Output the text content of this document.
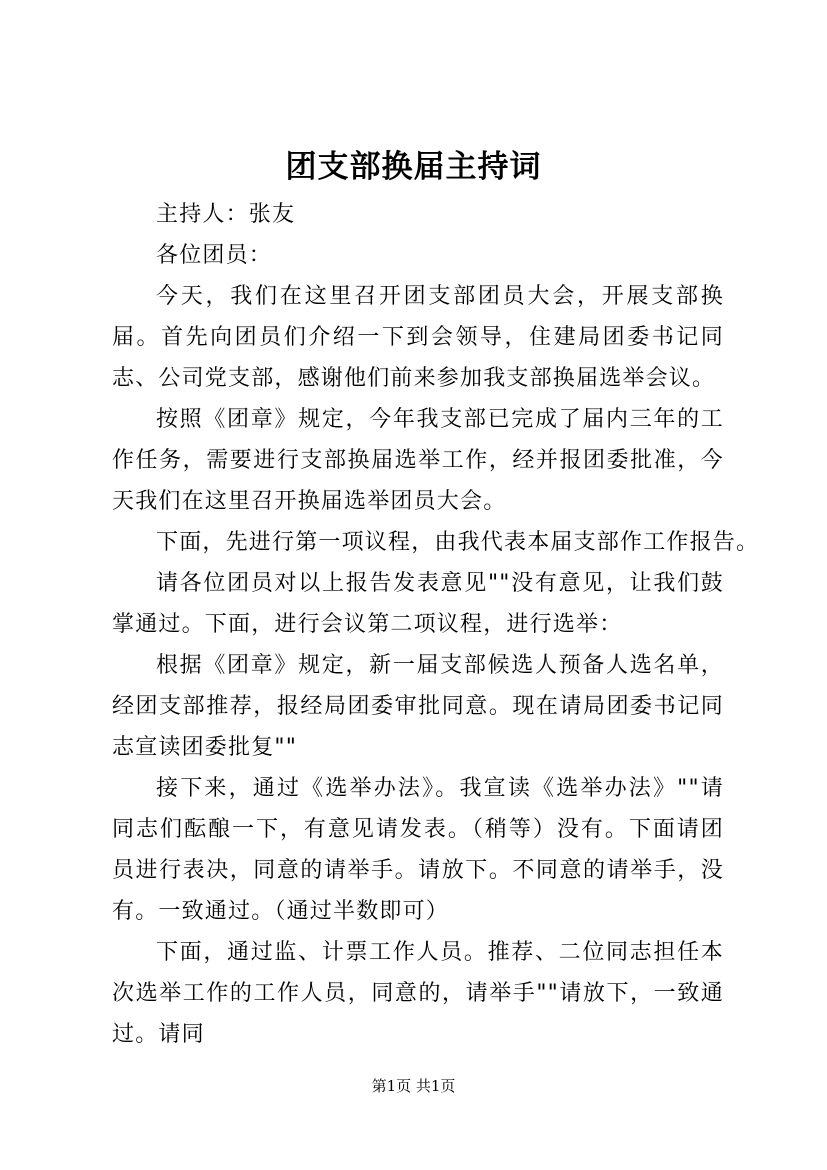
团支部换届主持词

主持人：张友

各位团员：

今天，我们在这里召开团支部团员大会，开展支部换届。首先向团员们介绍一下到会领导，住建局团委书记同志、公司党支部，感谢他们前来参加我支部换届选举会议。

按照《团章》规定，今年我支部已完成了届内三年的工作任务，需要进行支部换届选举工作，经并报团委批准，今天我们在这里召开换届选举团员大会。

下面，先进行第一项议程，由我代表本届支部作工作报告。

请各位团员对以上报告发表意见""没有意见，让我们鼓掌通过。下面，进行会议第二项议程，进行选举：

根据《团章》规定，新一届支部候选人预备人选名单，经团支部推荐，报经局团委审批同意。现在请局团委书记同志宣读团委批复""

接下来，通过《选举办法》。我宣读《选举办法》""请同志们酝酿一下，有意见请发表。（稍等）没有。下面请团员进行表决，同意的请举手。请放下。不同意的请举手，没有。一致通过。（通过半数即可）

下面，通过监、计票工作人员。推荐、二位同志担任本次选举工作的工作人员，同意的，请举手""请放下，一致通过。请同

第1页 共1页
